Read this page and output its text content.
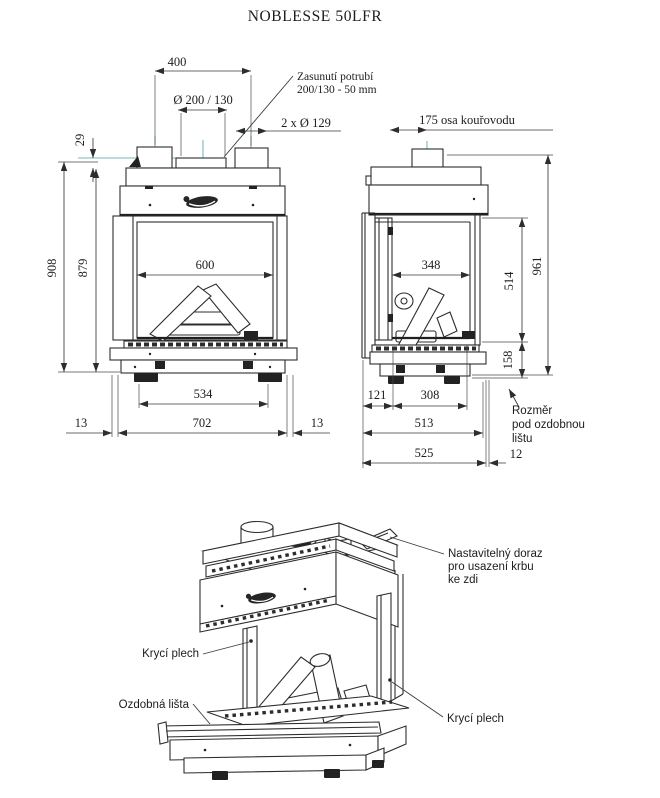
NOBLESSE 50LFR
400
Ø 200 / 130
2 x Ø 129
29
908 879	600
534
702
13	13
Zasunutí potrubí
200/130 - 50 mm
175 osa kouřovodu
961
514
158
348
121	308
513
525	12
Rozměr
pod ozdobnou
lištu
Nastavitelný doraz
pro usazení krbu
ke zdi
Krycí plech
Ozdobná lišta
Krycí plech
